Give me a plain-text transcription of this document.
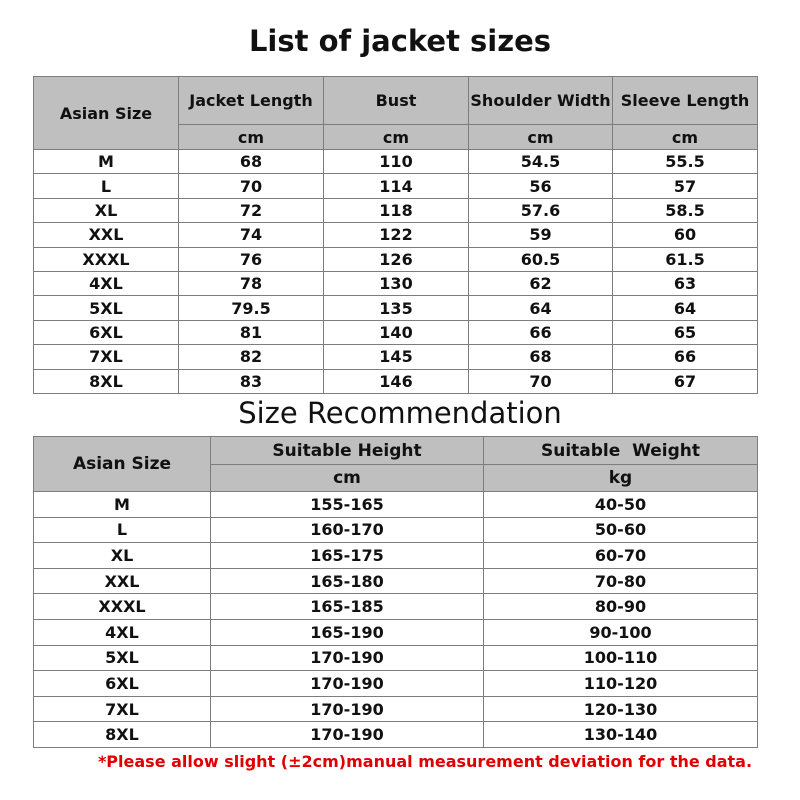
List of jacket sizes
Asian Size	Jacket Length	Bust	Shoulder Width	Sleeve Length
	cm	cm	cm	cm
M	68	110	54.5	55.5
L	70	114	56	57
XL	72	118	57.6	58.5
XXL	74	122	59	60
XXXL	76	126	60.5	61.5
4XL	78	130	62	63
5XL	79.5	135	64	64
6XL	81	140	66	65
7XL	82	145	68	66
8XL	83	146	70	67
Size Recommendation
Asian Size	Suitable Height	Suitable  Weight
	cm	kg
M	155-165	40-50
L	160-170	50-60
XL	165-175	60-70
XXL	165-180	70-80
XXXL	165-185	80-90
4XL	165-190	90-100
5XL	170-190	100-110
6XL	170-190	110-120
7XL	170-190	120-130
8XL	170-190	130-140
*Please allow slight (±2cm)manual measurement deviation for the data.
